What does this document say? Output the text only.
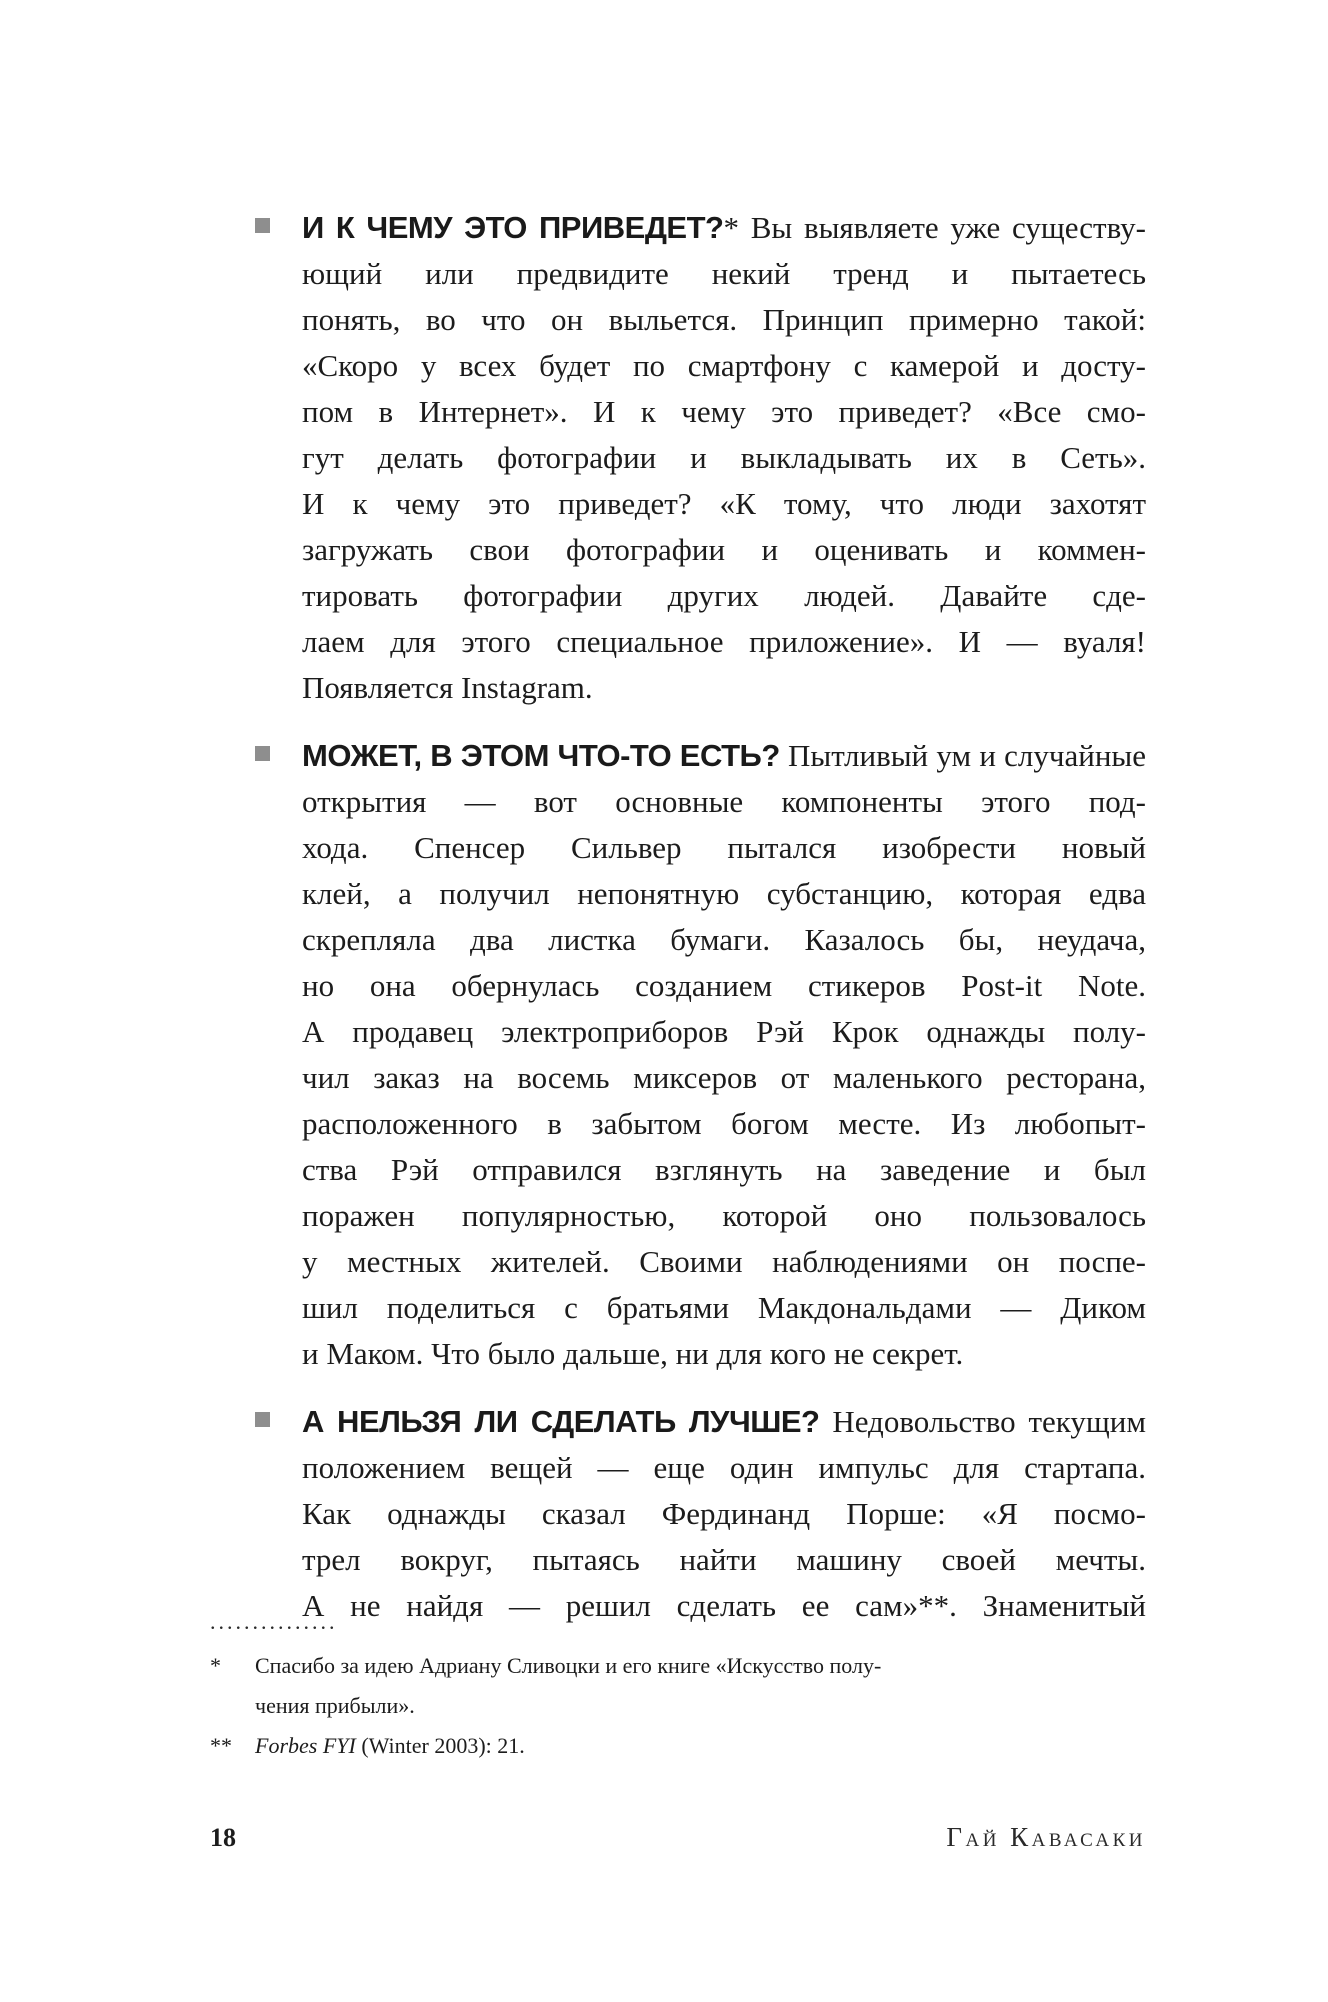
И К ЧЕМУ ЭТО ПРИВЕДЕТ?* Вы выявляете уже существу-
ющий или предвидите некий тренд и пытаетесь
понять, во что он выльется. Принцип примерно такой:
«Скоро у всех будет по смартфону с камерой и досту-
пом в Интернет». И к чему это приведет? «Все смо-
гут делать фотографии и выкладывать их в Сеть».
И к чему это приведет? «К тому, что люди захотят
загружать свои фотографии и оценивать и коммен-
тировать фотографии других людей. Давайте сде-
лаем для этого специальное приложение». И — вуаля!
Появляется Instagram.
МОЖЕТ, В ЭТОМ ЧТО-ТО ЕСТЬ? Пытливый ум и случайные
открытия — вот основные компоненты этого под-
хода. Спенсер Сильвер пытался изобрести новый
клей, а получил непонятную субстанцию, которая едва
скрепляла два листка бумаги. Казалось бы, неудача,
но она обернулась созданием стикеров Post-it Note.
А продавец электроприборов Рэй Крок однажды полу-
чил заказ на восемь миксеров от маленького ресторана,
расположенного в забытом богом месте. Из любопыт-
ства Рэй отправился взглянуть на заведение и был
поражен популярностью, которой оно пользовалось
у местных жителей. Своими наблюдениями он поспе-
шил поделиться с братьями Макдональдами — Диком
и Маком. Что было дальше, ни для кого не секрет.
А НЕЛЬЗЯ ЛИ СДЕЛАТЬ ЛУЧШЕ? Недовольство текущим
положением вещей — еще один импульс для стартапа.
Как однажды сказал Фердинанд Порше: «Я посмо-
трел вокруг, пытаясь найти машину своей мечты.
А не найдя — решил сделать ее сам»**. Знаменитый
...............
*	Спасибо за идею Адриану Сливоцки и его книге «Искусство полу-
чения прибыли».
**	Forbes FYI (Winter 2003): 21.
18	Гай Кавасаки
